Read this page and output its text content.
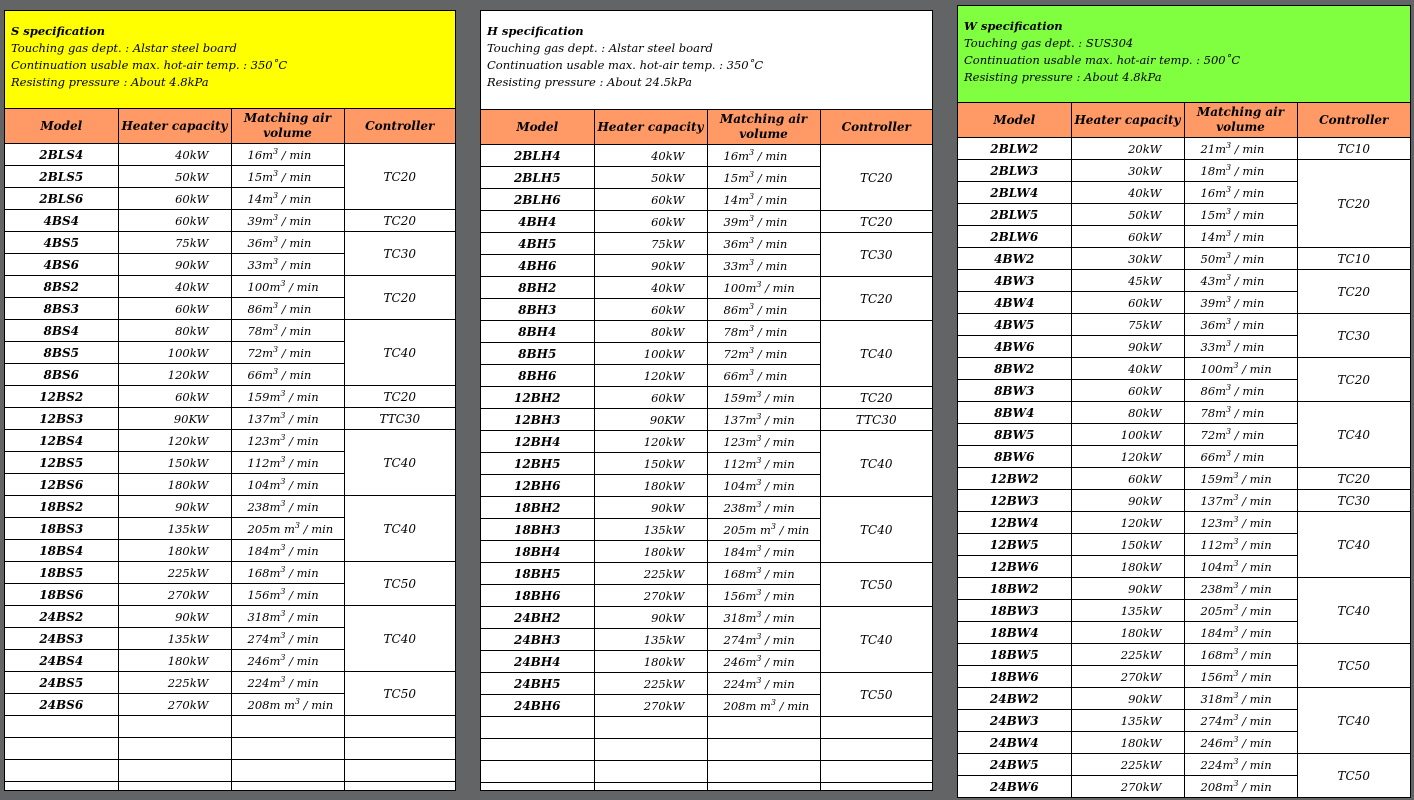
S specification
Touching gas dept. : Alstar steel board
Continuation usable max. hot-air temp. : 350˚C
Resisting pressure : About 4.8kPa
Model	Heater capacity	Matching air volume	Controller
2BLS4	40kW	$16m^3$ / min	TC20
2BLS5	50kW	$15m^3$ / min	
2BLS6	60kW	$14m^3$ / min	
4BS4	60kW	$39m^3$ / min	TC20
4BS5	75kW	$36m^3$ / min	TC30
4BS6	90kW	$33m^3$ / min	
8BS2	40kW	$100m^3$ / min	TC20
8BS3	60kW	$86m^3$ / min	
8BS4	80kW	$78m^3$ / min	TC40
8BS5	100kW	$72m^3$ / min	
8BS6	120kW	$66m^3$ / min	
12BS2	60kW	$159m^3$ / min	TC20
12BS3	90KW	$137m^3$ / min	TTC30
12BS4	120kW	$123m^3$ / min	TC40
12BS5	150kW	$112m^3$ / min	
12BS6	180kW	$104m^3$ / min	
18BS2	90kW	$238m^3$ / min	TC40
18BS3	135kW	205m $m^3$ / min	
18BS4	180kW	$184m^3$ / min	
18BS5	225kW	$168m^3$ / min	TC50
18BS6	270kW	$156m^3$ / min	
24BS2	90kW	$318m^3$ / min	TC40
24BS3	135kW	$274m^3$ / min	
24BS4	180kW	$246m^3$ / min	
24BS5	225kW	$224m^3$ / min	TC50
24BS6	270kW	208m $m^3$ / min	

H specification
Touching gas dept. : Alstar steel board
Continuation usable max. hot-air temp. : 350˚C
Resisting pressure : About 24.5kPa
Model	Heater capacity	Matching air volume	Controller
2BLH4	40kW	$16m^3$ / min	TC20
2BLH5	50kW	$15m^3$ / min	
2BLH6	60kW	$14m^3$ / min	
4BH4	60kW	$39m^3$ / min	TC20
4BH5	75kW	$36m^3$ / min	TC30
4BH6	90kW	$33m^3$ / min	
8BH2	40kW	$100m^3$ / min	TC20
8BH3	60kW	$86m^3$ / min	
8BH4	80kW	$78m^3$ / min	TC40
8BH5	100kW	$72m^3$ / min	
8BH6	120kW	$66m^3$ / min	
12BH2	60kW	$159m^3$ / min	TC20
12BH3	90KW	$137m^3$ / min	TTC30
12BH4	120kW	$123m^3$ / min	TC40
12BH5	150kW	$112m^3$ / min	
12BH6	180kW	$104m^3$ / min	
18BH2	90kW	$238m^3$ / min	TC40
18BH3	135kW	205m $m^3$ / min	
18BH4	180kW	$184m^3$ / min	
18BH5	225kW	$168m^3$ / min	TC50
18BH6	270kW	$156m^3$ / min	
24BH2	90kW	$318m^3$ / min	TC40
24BH3	135kW	$274m^3$ / min	
24BH4	180kW	$246m^3$ / min	
24BH5	225kW	$224m^3$ / min	TC50
24BH6	270kW	208m $m^3$ / min	

W specification
Touching gas dept. : SUS304
Continuation usable max. hot-air temp. : 500˚C
Resisting pressure : About 4.8kPa
Model	Heater capacity	Matching air volume	Controller
2BLW2	20kW	$21m^3$ / min	TC10
2BLW3	30kW	$18m^3$ / min	TC20
2BLW4	40kW	$16m^3$ / min	
2BLW5	50kW	$15m^3$ / min	
2BLW6	60kW	$14m^3$ / min	
4BW2	30kW	$50m^3$ / min	TC10
4BW3	45kW	$43m^3$ / min	TC20
4BW4	60kW	$39m^3$ / min	
4BW5	75kW	$36m^3$ / min	TC30
4BW6	90kW	$33m^3$ / min	
8BW2	40kW	$100m^3$ / min	TC20
8BW3	60kW	$86m^3$ / min	
8BW4	80kW	$78m^3$ / min	TC40
8BW5	100kW	$72m^3$ / min	
8BW6	120kW	$66m^3$ / min	
12BW2	60kW	$159m^3$ / min	TC20
12BW3	90kW	$137m^3$ / min	TC30
12BW4	120kW	$123m^3$ / min	TC40
12BW5	150kW	$112m^3$ / min	
12BW6	180kW	$104m^3$ / min	
18BW2	90kW	$238m^3$ / min	TC40
18BW3	135kW	$205m^3$ / min	
18BW4	180kW	$184m^3$ / min	
18BW5	225kW	$168m^3$ / min	TC50
18BW6	270kW	$156m^3$ / min	
24BW2	90kW	$318m^3$ / min	TC40
24BW3	135kW	$274m^3$ / min	
24BW4	180kW	$246m^3$ / min	
24BW5	225kW	$224m^3$ / min	TC50
24BW6	270kW	$208m^3$ / min	
